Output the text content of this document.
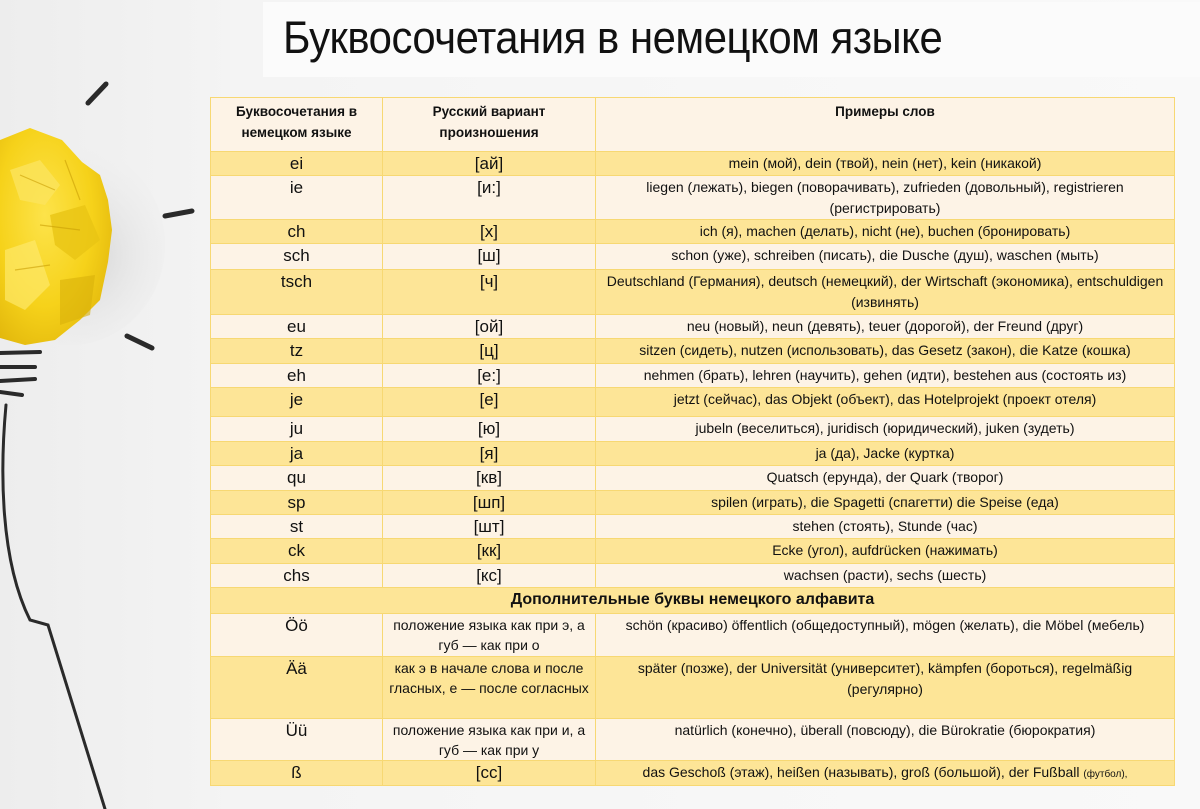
Буквосочетания в немецком языке
Буквосочетания в немецком языке	Русский вариант произношения	Примеры слов
ei	[ай]	mein (мой), dein (твой), nein (нет), kein (никакой)
ie	[и:]	liegen (лежать), biegen (поворачивать), zufrieden (довольный), registrieren (регистрировать)
ch	[х]	ich (я), machen (делать), nicht (не), buchen (бронировать)
sch	[ш]	schon (уже), schreiben (писать), die Dusche (душ), waschen (мыть)
tsch	[ч]	Deutschland (Германия), deutsch (немецкий), der Wirtschaft (экономика), entschuldigen (извинять)
eu	[ой]	neu (новый), neun (девять), teuer (дорогой), der Freund (друг)
tz	[ц]	sitzen (сидеть), nutzen (использовать), das Gesetz (закон), die Katze (кошка)
eh	[е:]	nehmen (брать), lehren (научить), gehen (идти), bestehen aus (состоять из)
je	[е]	jetzt (сейчас), das Objekt (объект), das Hotelprojekt (проект отеля)
ju	[ю]	jubeln (веселиться), juridisch (юридический), juken (зудеть)
ja	[я]	ja (да), Jacke (куртка)
qu	[кв]	Quatsch (ерунда), der Quark (творог)
sp	[шп]	spilen (играть), die Spagetti (спагетти) die Speise (еда)
st	[шт]	stehen (стоять), Stunde (час)
ck	[кк]	Ecke (угол), aufdrücken (нажимать)
chs	[кс]	wachsen (расти), sechs (шесть)
Дополнительные буквы немецкого алфавита		
Öö	положение языка как при э, а губ — как при о	schön (красиво) öffentlich (общедоступный), mögen (желать), die Möbel (мебель)
Ää	как э в начале слова и после гласных, е — после согласных	später (позже), der Universität (университет), kämpfen (бороться), regelmäßig (регулярно)
Üü	положение языка как при и, а губ — как при у	natürlich (конечно), überall (повсюду), die Bürokratie (бюрократия)
ß	[сс]	das Geschoß (этаж), heißen (называть), groß (большой), der Fußball (футбол),
